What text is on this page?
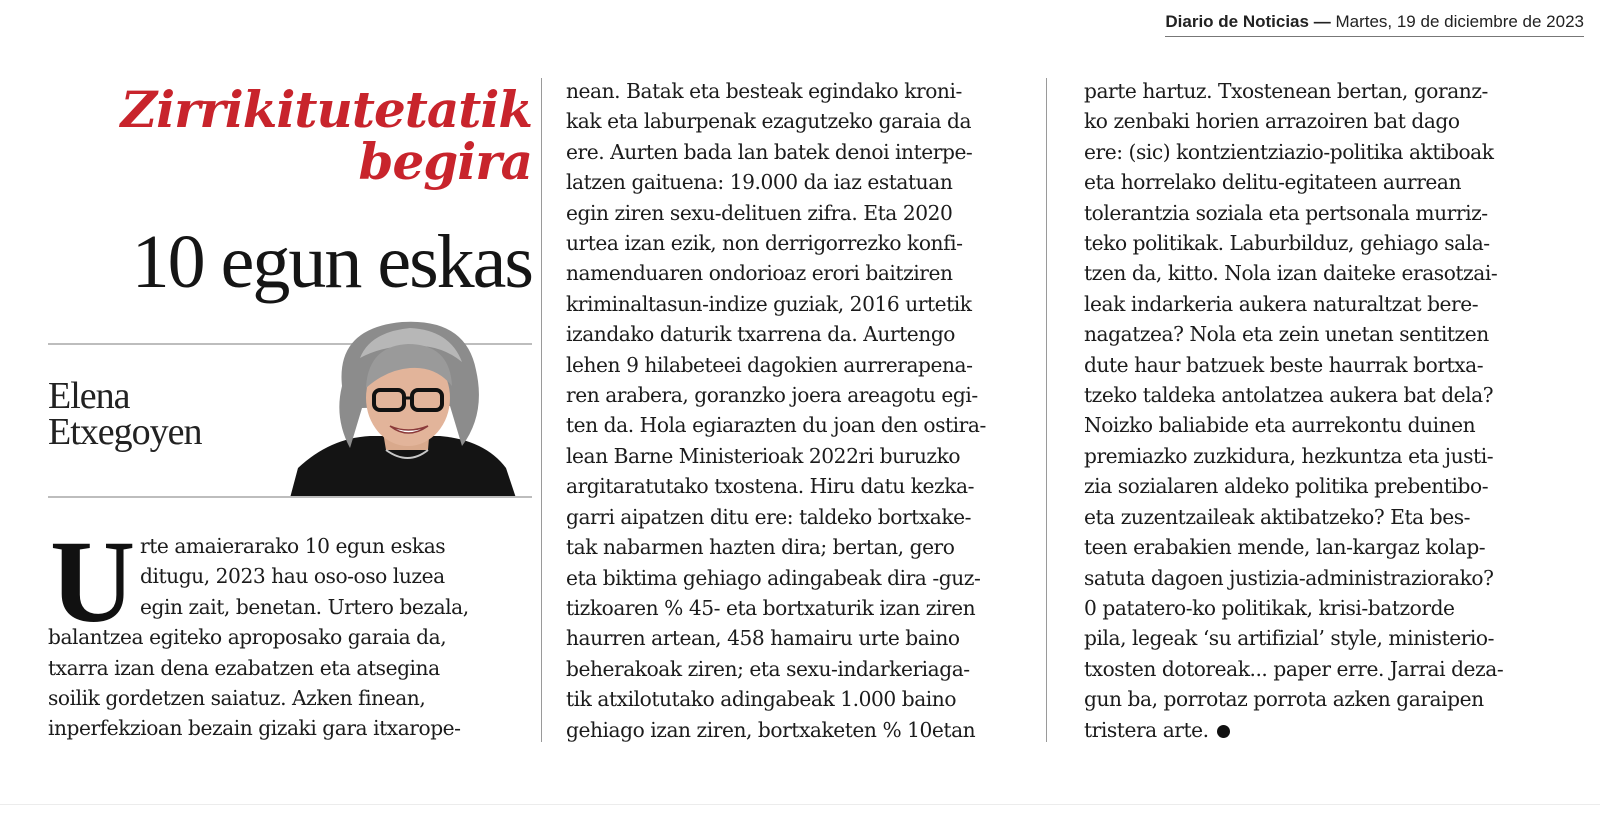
Diario de Noticias — Martes, 19 de diciembre de 2023
Zirrikitutetatik
begira
10 egun eskas
Elena
Etxegoyen
U rte amaierarako 10 egun eskas
ditugu, 2023 hau oso-oso luzea
egin zait, benetan. Urtero bezala,
balantzea egiteko aproposako garaia da,
txarra izan dena ezabatzen eta atsegina
soilik gordetzen saiatuz. Azken finean,
inperfekzioan bezain gizaki gara itxarope-
nean. Batak eta besteak egindako kroni-
kak eta laburpenak ezagutzeko garaia da
ere. Aurten bada lan batek denoi interpe-
latzen gaituena: 19.000 da iaz estatuan
egin ziren sexu-delituen zifra. Eta 2020
urtea izan ezik, non derrigorrezko konfi-
namenduaren ondorioaz erori baitziren
kriminaltasun-indize guziak, 2016 urtetik
izandako daturik txarrena da. Aurtengo
lehen 9 hilabeteei dagokien aurrerapena-
ren arabera, goranzko joera areagotu egi-
ten da. Hola egiarazten du joan den ostira-
lean Barne Ministerioak 2022ri buruzko
argitaratutako txostena. Hiru datu kezka-
garri aipatzen ditu ere: taldeko bortxake-
tak nabarmen hazten dira; bertan, gero
eta biktima gehiago adingabeak dira -guz-
tizkoaren % 45- eta bortxaturik izan ziren
haurren artean, 458 hamairu urte baino
beherakoak ziren; eta sexu-indarkeriaga-
tik atxilotutako adingabeak 1.000 baino
gehiago izan ziren, bortxaketen % 10etan
parte hartuz. Txostenean bertan, goranz-
ko zenbaki horien arrazoiren bat dago
ere: (sic) kontzientziazio-politika aktiboak
eta horrelako delitu-egitateen aurrean
tolerantzia soziala eta pertsonala murriz-
teko politikak. Laburbilduz, gehiago sala-
tzen da, kitto. Nola izan daiteke erasotzai-
leak indarkeria aukera naturaltzat bere-
nagatzea? Nola eta zein unetan sentitzen
dute haur batzuek beste haurrak bortxa-
tzeko taldeka antolatzea aukera bat dela?
Noizko baliabide eta aurrekontu duinen
premiazko zuzkidura, hezkuntza eta justi-
zia sozialaren aldeko politika prebentibo-
eta zuzentzaileak aktibatzeko? Eta bes-
teen erabakien mende, lan-kargaz kolap-
satuta dagoen justizia-administraziorako?
0 patatero-ko politikak, krisi-batzorde
pila, legeak ‘su artifizial’ style, ministerio-
txosten dotoreak... paper erre. Jarrai deza-
gun ba, porrotaz porrota azken garaipen
tristera arte.
